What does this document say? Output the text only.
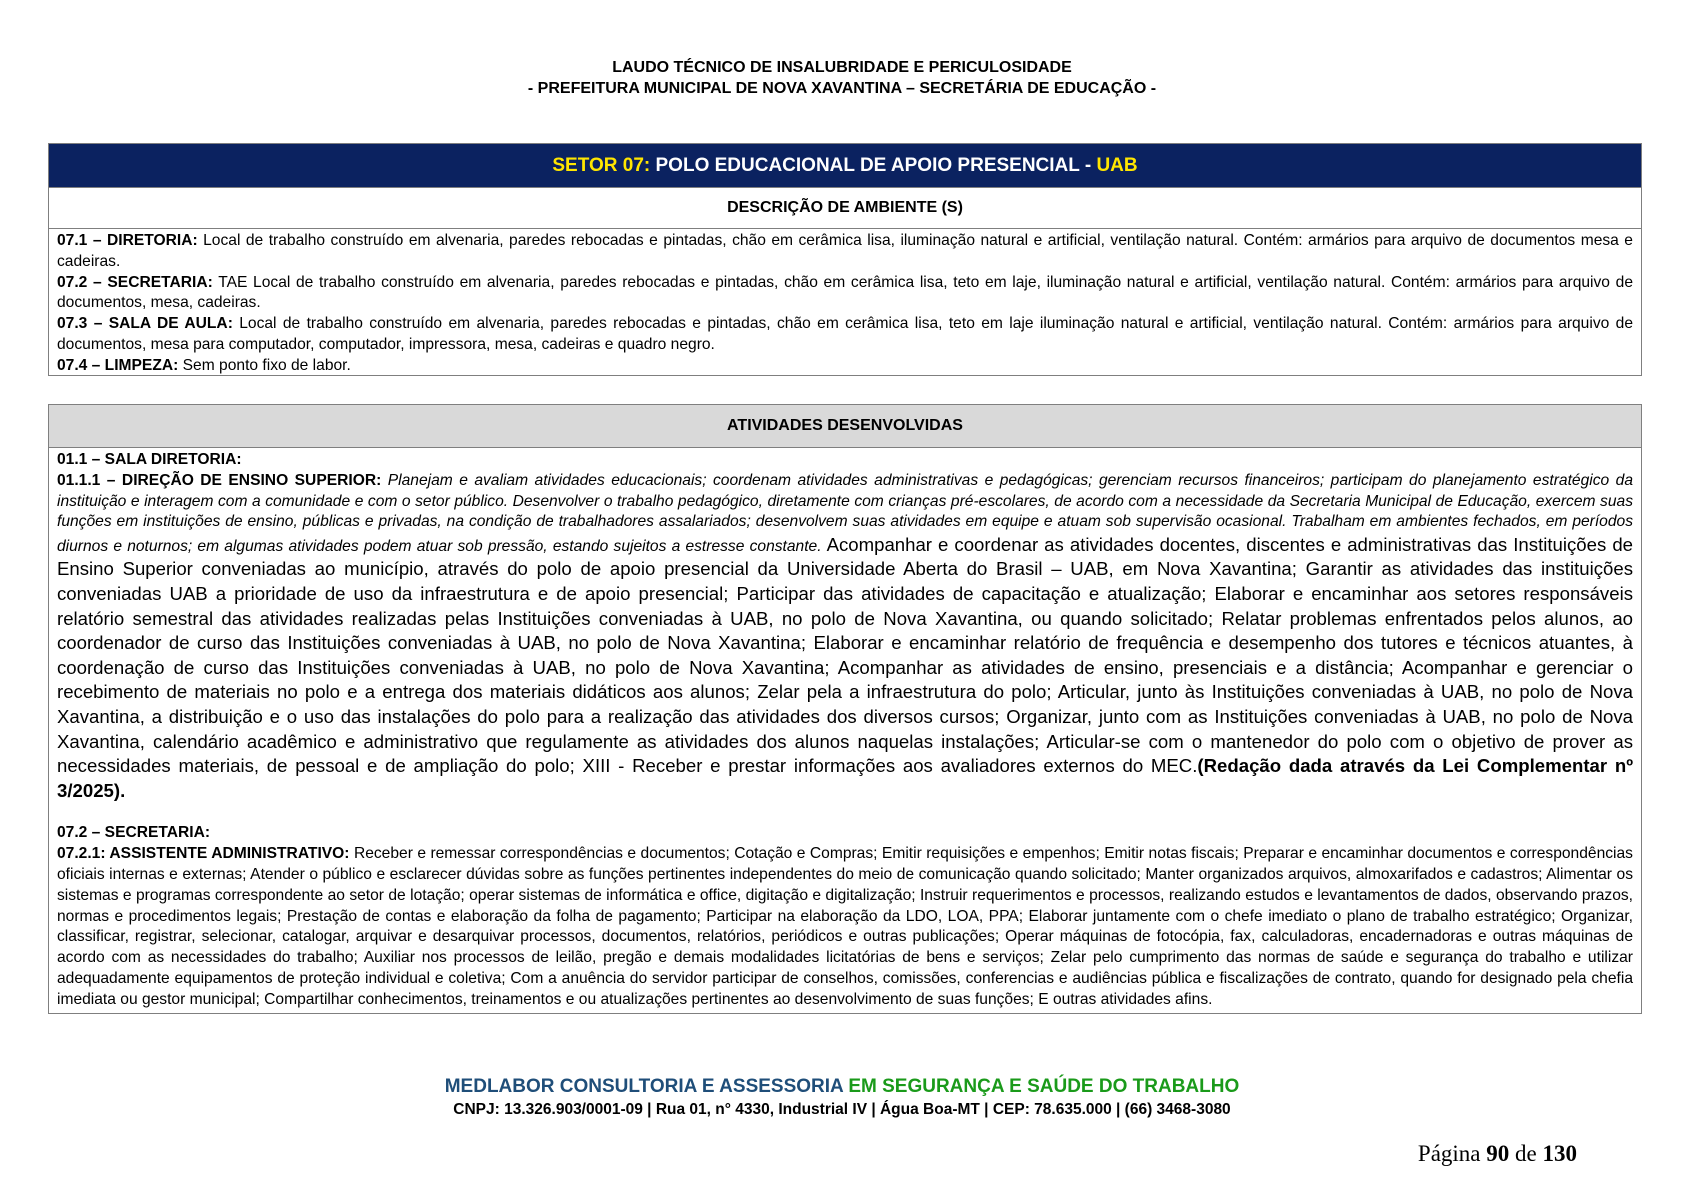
LAUDO TÉCNICO DE INSALUBRIDADE E PERICULOSIDADE
- PREFEITURA MUNICIPAL DE NOVA XAVANTINA – SECRETÁRIA DE EDUCAÇÃO -
SETOR 07: POLO EDUCACIONAL DE APOIO PRESENCIAL - UAB
DESCRIÇÃO DE AMBIENTE (S)

07.1 – DIRETORIA: Local de trabalho construído em alvenaria, paredes rebocadas e pintadas, chão em cerâmica lisa, iluminação natural e artificial, ventilação natural. Contém: armários para arquivo de documentos mesa e cadeiras.

07.2 – SECRETARIA: TAE Local de trabalho construído em alvenaria, paredes rebocadas e pintadas, chão em cerâmica lisa, teto em laje, iluminação natural e artificial, ventilação natural. Contém: armários para arquivo de documentos, mesa, cadeiras.

07.3 – SALA DE AULA: Local de trabalho construído em alvenaria, paredes rebocadas e pintadas, chão em cerâmica lisa, teto em laje iluminação natural e artificial, ventilação natural. Contém: armários para arquivo de documentos, mesa para computador, computador, impressora, mesa, cadeiras e quadro negro.

07.4 – LIMPEZA: Sem ponto fixo de labor.

ATIVIDADES DESENVOLVIDAS

01.1 – SALA DIRETORIA:

01.1.1 – DIREÇÃO DE ENSINO SUPERIOR: Planejam e avaliam atividades educacionais; coordenam atividades administrativas e pedagógicas; gerenciam recursos financeiros; participam do planejamento estratégico da instituição e interagem com a comunidade e com o setor público. Desenvolver o trabalho pedagógico, diretamente com crianças pré-escolares, de acordo com a necessidade da Secretaria Municipal de Educação, exercem suas funções em instituições de ensino, públicas e privadas, na condição de trabalhadores assalariados; desenvolvem suas atividades em equipe e atuam sob supervisão ocasional. Trabalham em ambientes fechados, em períodos diurnos e noturnos; em algumas atividades podem atuar sob pressão, estando sujeitos a estresse constante. Acompanhar e coordenar as atividades docentes, discentes e administrativas das Instituições de Ensino Superior conveniadas ao município, através do polo de apoio presencial da Universidade Aberta do Brasil – UAB, em Nova Xavantina; Garantir as atividades das instituições conveniadas UAB a prioridade de uso da infraestrutura e de apoio presencial; Participar das atividades de capacitação e atualização; Elaborar e encaminhar aos setores responsáveis relatório semestral das atividades realizadas pelas Instituições conveniadas à UAB, no polo de Nova Xavantina, ou quando solicitado; Relatar problemas enfrentados pelos alunos, ao coordenador de curso das Instituições conveniadas à UAB, no polo de Nova Xavantina; Elaborar e encaminhar relatório de frequência e desempenho dos tutores e técnicos atuantes, à coordenação de curso das Instituições conveniadas à UAB, no polo de Nova Xavantina; Acompanhar as atividades de ensino, presenciais e a distância; Acompanhar e gerenciar o recebimento de materiais no polo e a entrega dos materiais didáticos aos alunos; Zelar pela a infraestrutura do polo; Articular, junto às Instituições conveniadas à UAB, no polo de Nova Xavantina, a distribuição e o uso das instalações do polo para a realização das atividades dos diversos cursos; Organizar, junto com as Instituições conveniadas à UAB, no polo de Nova Xavantina, calendário acadêmico e administrativo que regulamente as atividades dos alunos naquelas instalações; Articular-se com o mantenedor do polo com o objetivo de prover as necessidades materiais, de pessoal e de ampliação do polo; XIII - Receber e prestar informações aos avaliadores externos do MEC.(Redação dada através da Lei Complementar nº 3/2025).

07.2 – SECRETARIA:

07.2.1: ASSISTENTE ADMINISTRATIVO: Receber e remessar correspondências e documentos; Cotação e Compras; Emitir requisições e empenhos; Emitir notas fiscais; Preparar e encaminhar documentos e correspondências oficiais internas e externas; Atender o público e esclarecer dúvidas sobre as funções pertinentes independentes do meio de comunicação quando solicitado; Manter organizados arquivos, almoxarifados e cadastros; Alimentar os sistemas e programas correspondente ao setor de lotação; operar sistemas de informática e office, digitação e digitalização; Instruir requerimentos e processos, realizando estudos e levantamentos de dados, observando prazos, normas e procedimentos legais; Prestação de contas e elaboração da folha de pagamento; Participar na elaboração da LDO, LOA, PPA; Elaborar juntamente com o chefe imediato o plano de trabalho estratégico; Organizar, classificar, registrar, selecionar, catalogar, arquivar e desarquivar processos, documentos, relatórios, periódicos e outras publicações; Operar máquinas de fotocópia, fax, calculadoras, encadernadoras e outras máquinas de acordo com as necessidades do trabalho; Auxiliar nos processos de leilão, pregão e demais modalidades licitatórias de bens e serviços; Zelar pelo cumprimento das normas de saúde e segurança do trabalho e utilizar adequadamente equipamentos de proteção individual e coletiva; Com a anuência do servidor participar de conselhos, comissões, conferencias e audiências pública e fiscalizações de contrato, quando for designado pela chefia imediata ou gestor municipal; Compartilhar conhecimentos, treinamentos e ou atualizações pertinentes ao desenvolvimento de suas funções; E outras atividades afins.

MEDLABOR CONSULTORIA E ASSESSORIA EM SEGURANÇA E SAÚDE DO TRABALHO
CNPJ: 13.326.903/0001-09 | Rua 01, n° 4330, Industrial IV | Água Boa-MT | CEP: 78.635.000 | (66) 3468-3080
Página 90 de 130
